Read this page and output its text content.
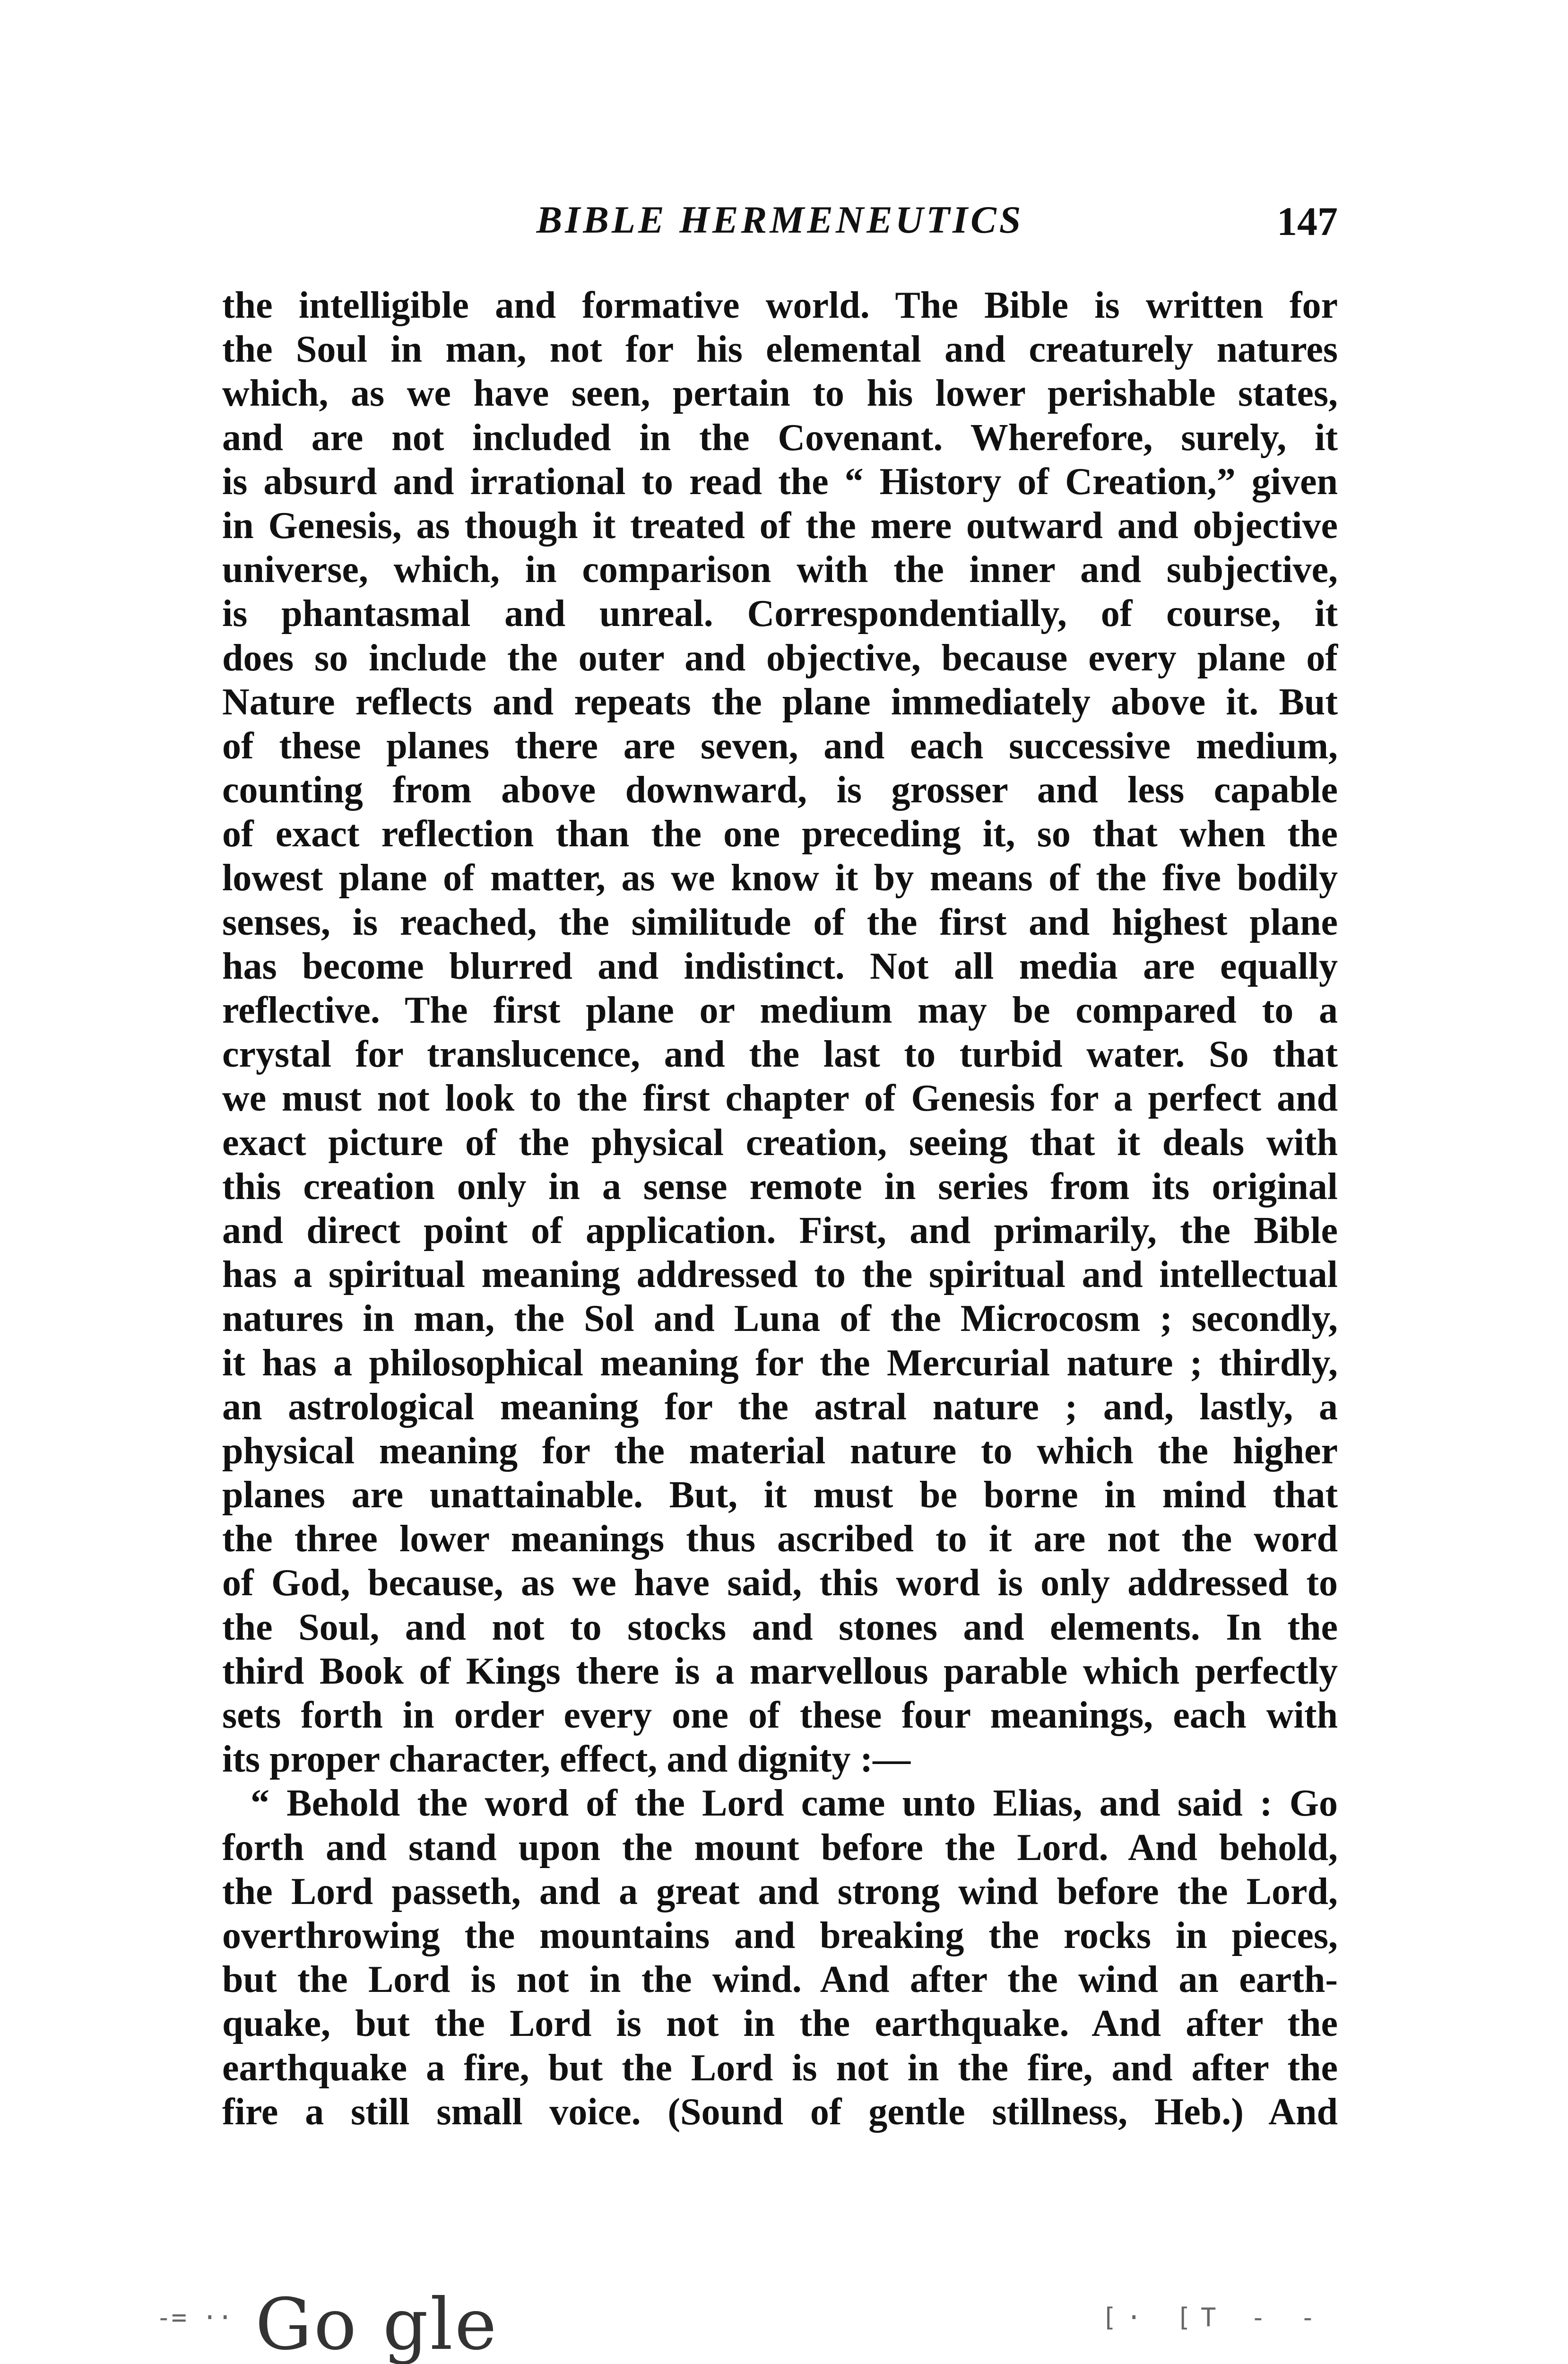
BIBLE HERMENEUTICS	147
the intelligible and formative world. The Bible is written for
the Soul in man, not for his elemental and creaturely natures
which, as we have seen, pertain to his lower perishable states,
and are not included in the Covenant. Wherefore, surely, it
is absurd and irrational to read the “ History of Creation,” given
in Genesis, as though it treated of the mere outward and objective
universe, which, in comparison with the inner and subjective,
is phantasmal and unreal. Correspondentially, of course, it
does so include the outer and objective, because every plane of
Nature reflects and repeats the plane immediately above it. But
of these planes there are seven, and each successive medium,
counting from above downward, is grosser and less capable
of exact reflection than the one preceding it, so that when the
lowest plane of matter, as we know it by means of the five bodily
senses, is reached, the similitude of the first and highest plane
has become blurred and indistinct. Not all media are equally
reflective. The first plane or medium may be compared to a
crystal for translucence, and the last to turbid water. So that
we must not look to the first chapter of Genesis for a perfect and
exact picture of the physical creation, seeing that it deals with
this creation only in a sense remote in series from its original
and direct point of application. First, and primarily, the Bible
has a spiritual meaning addressed to the spiritual and intellectual
natures in man, the Sol and Luna of the Microcosm ; secondly,
it has a philosophical meaning for the Mercurial nature ; thirdly,
an astrological meaning for the astral nature ; and, lastly, a
physical meaning for the material nature to which the higher
planes are unattainable. But, it must be borne in mind that
the three lower meanings thus ascribed to it are not the word
of God, because, as we have said, this word is only addressed to
the Soul, and not to stocks and stones and elements. In the
third Book of Kings there is a marvellous parable which perfectly
sets forth in order every one of these four meanings, each with
its proper character, effect, and dignity :—
“ Behold the word of the Lord came unto Elias, and said : Go
forth and stand upon the mount before the Lord. And behold,
the Lord passeth, and a great and strong wind before the Lord,
overthrowing the mountains and breaking the rocks in pieces,
but the Lord is not in the wind. And after the wind an earth-
quake, but the Lord is not in the earthquake. And after the
earthquake a fire, but the Lord is not in the fire, and after the
fire a still small voice. (Sound of gentle stillness, Heb.) And
-= ·· Go gle	[· [T - -
